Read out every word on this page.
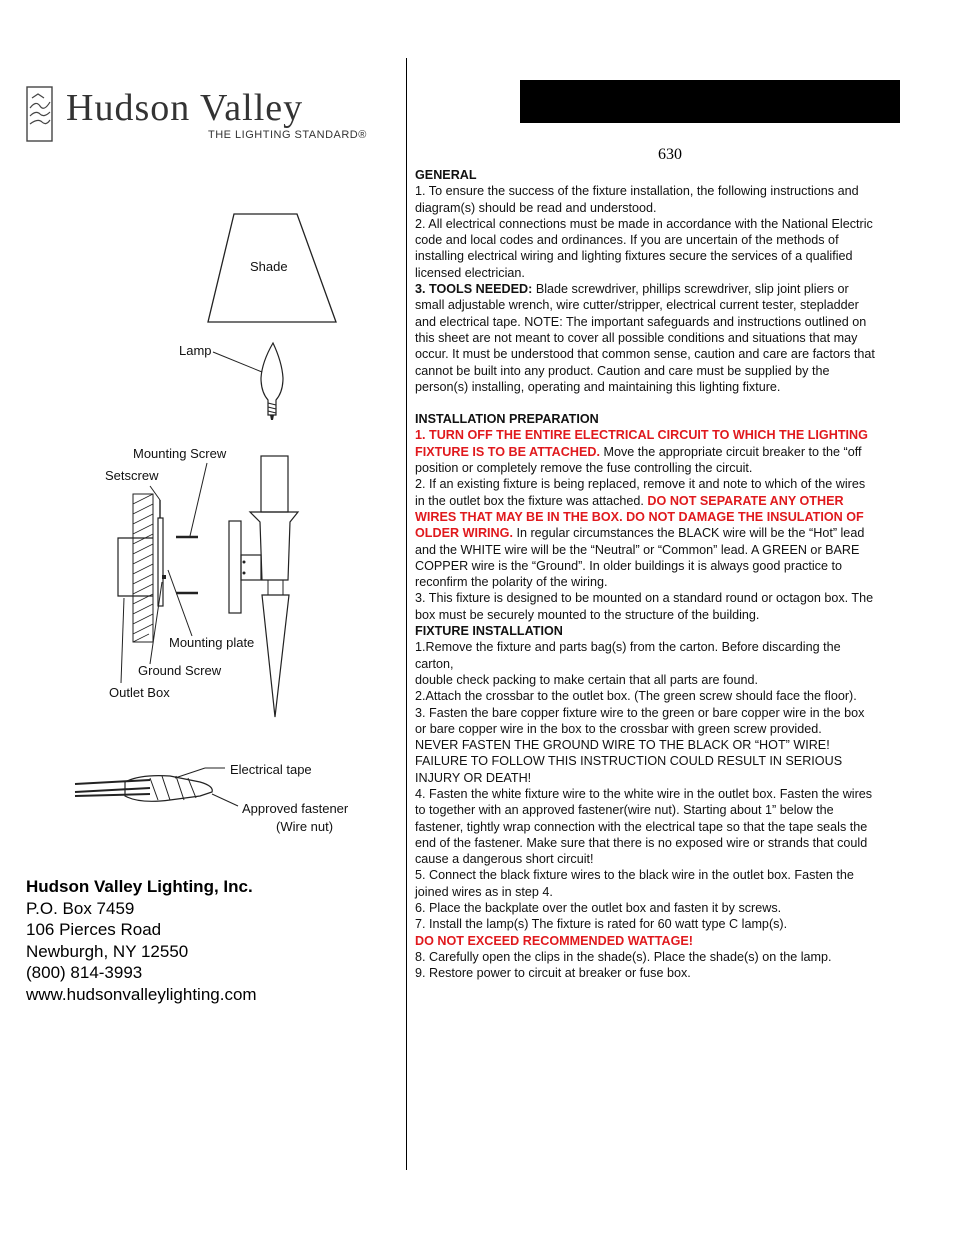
Hudson Valley
THE LIGHTING STANDARD®
Shade
Lamp
Mounting Screw
Setscrew
Mounting plate
Ground Screw
Outlet Box
Electrical tape
Approved fastener
(Wire nut)
Hudson Valley Lighting, Inc.
P.O. Box 7459
106 Pierces Road
Newburgh, NY 12550
(800) 814-3993
www.hudsonvalleylighting.com
630

GENERAL

1. To ensure the success of the fixture installation, the following instructions and

diagram(s) should be read and understood.

2. All electrical connections must be made in accordance with the National Electric

code and local codes and ordinances. If you are uncertain of the methods of

installing electrical wiring and lighting fixtures secure the services of a qualified

licensed electrician.

3. TOOLS NEEDED: Blade screwdriver, phillips screwdriver, slip joint pliers or

small adjustable wrench, wire cutter/stripper, electrical current tester, stepladder

and electrical tape. NOTE: The important safeguards and instructions outlined on

this sheet are not meant to cover all possible conditions and situations that may

occur. It must be understood that common sense, caution and care are factors that

cannot be built into any product. Caution and care must be supplied by the

person(s) installing, operating and maintaining this lighting fixture.

INSTALLATION PREPARATION

1. TURN OFF THE ENTIRE ELECTRICAL CIRCUIT TO WHICH THE LIGHTING

FIXTURE IS TO BE ATTACHED. Move the appropriate circuit breaker to the “off

position or completely remove the fuse controlling the circuit.

2. If an existing fixture is being replaced, remove it and note to which of the wires

in the outlet box the fixture was attached. DO NOT SEPARATE ANY OTHER

WIRES THAT MAY BE IN THE BOX. DO NOT DAMAGE THE INSULATION OF

OLDER WIRING. In regular circumstances the BLACK wire will be the “Hot” lead

and the WHITE wire will be the “Neutral” or “Common” lead. A GREEN or BARE

COPPER wire is the “Ground”. In older buildings it is always good practice to

reconfirm the polarity of the wiring.

3. This fixture is designed to be mounted on a standard round or octagon box. The

box must be securely mounted to the structure of the building.

FIXTURE INSTALLATION

1.Remove the fixture and parts bag(s) from the carton. Before discarding the

carton,

double check packing to make certain that all parts are found.

2.Attach the crossbar to the outlet box. (The green screw should face the floor).

3. Fasten the bare copper fixture wire to the green or bare copper wire in the box

or bare copper wire in the box to the crossbar with green screw provided.

NEVER FASTEN THE GROUND WIRE TO THE BLACK OR “HOT” WIRE!

FAILURE TO FOLLOW THIS INSTRUCTION COULD RESULT IN SERIOUS

INJURY OR DEATH!

4. Fasten the white fixture wire to the white wire in the outlet box. Fasten the wires

to together with an approved fastener(wire nut). Starting about 1” below the

fastener, tightly wrap connection with the electrical tape so that the tape seals the

end of the fastener. Make sure that there is no exposed wire or strands that could

cause a dangerous short circuit!

5. Connect the black fixture wires to the black wire in the outlet box. Fasten the

joined wires as in step 4.

6. Place the backplate over the outlet box and fasten it by screws.

7. Install the lamp(s) The fixture is rated for 60 watt type C lamp(s).

DO NOT EXCEED RECOMMENDED WATTAGE!

8. Carefully open the clips in the shade(s). Place the shade(s) on the lamp.

9. Restore power to circuit at breaker or fuse box.
